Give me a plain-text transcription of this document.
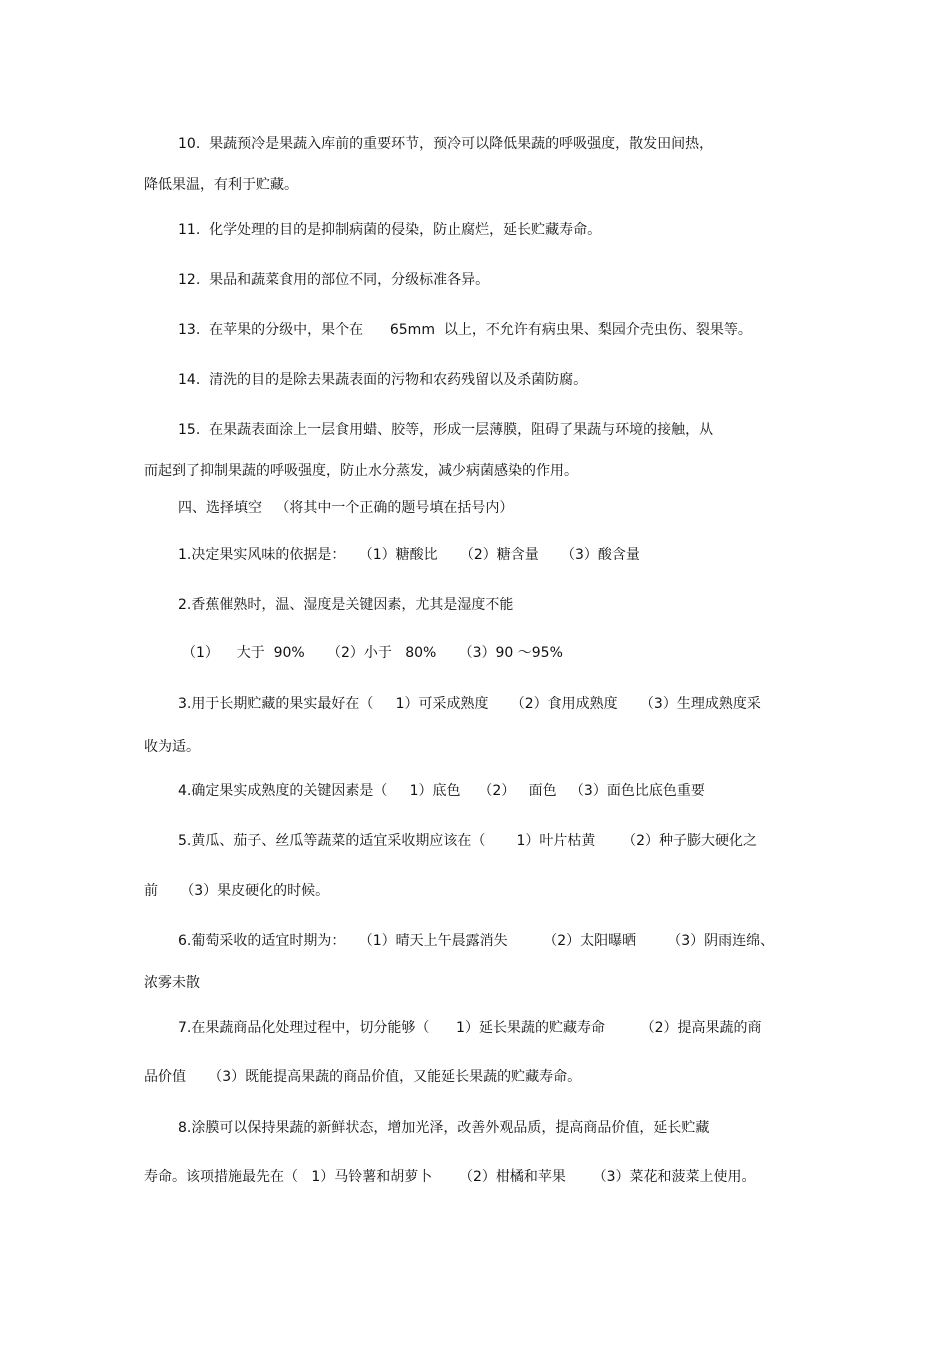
10.  果蔬预冷是果蔬入库前的重要环节，预冷可以降低果蔬的呼吸强度，散发田间热，
降低果温，有利于贮藏。
11.  化学处理的目的是抑制病菌的侵染，防止腐烂，延长贮藏寿命。
12.  果品和蔬菜食用的部位不同，分级标准各异。
13.  在苹果的分级中，果个在      65mm  以上，不允许有病虫果、梨园介壳虫伤、裂果等。
14.  清洗的目的是除去果蔬表面的污物和农药残留以及杀菌防腐。
15.  在果蔬表面涂上一层食用蜡、胶等，形成一层薄膜，阻碍了果蔬与环境的接触，从
而起到了抑制果蔬的呼吸强度，防止水分蒸发，减少病菌感染的作用。
四、选择填空   （将其中一个正确的题号填在括号内）
1.决定果实风味的依据是：   （1）糖酸比     （2）糖含量     （3）酸含量
2.香蕉催熟时，温、湿度是关键因素，尤其是湿度不能
（1）    大于  90%     （2）小于   80%     （3）90 ～95%
3.用于长期贮藏的果实最好在（     1）可采成熟度     （2）食用成熟度     （3）生理成熟度采
收为适。
4.确定果实成熟度的关键因素是（     1）底色    （2）   面色   （3）面色比底色重要
5.黄瓜、茄子、丝瓜等蔬菜的适宜采收期应该在（       1）叶片枯黄      （2）种子膨大硬化之
前     （3）果皮硬化的时候。
6.葡萄采收的适宜时期为：   （1）晴天上午晨露消失        （2）太阳曝晒       （3）阴雨连绵、
浓雾未散
7.在果蔬商品化处理过程中，切分能够（      1）延长果蔬的贮藏寿命        （2）提高果蔬的商
品价值     （3）既能提高果蔬的商品价值，又能延长果蔬的贮藏寿命。
8.涂膜可以保持果蔬的新鲜状态，增加光泽，改善外观品质，提高商品价值，延长贮藏
寿命。该项措施最先在（   1）马铃薯和胡萝卜      （2）柑橘和苹果      （3）菜花和菠菜上使用。
